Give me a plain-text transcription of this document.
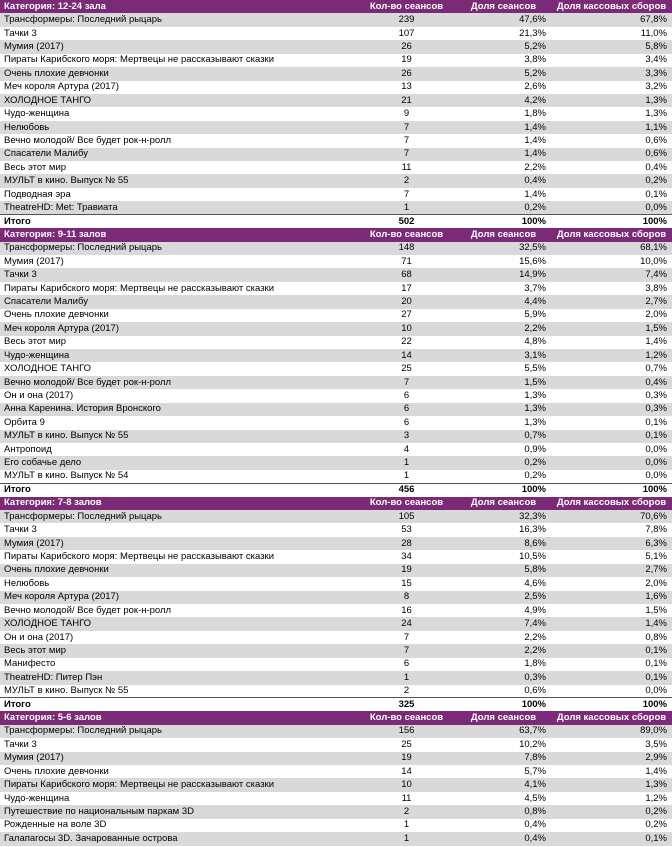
Категория: 12-24 зала	Кол-во сеансов	Доля сеансов	Доля кассовых сборов
Трансформеры: Последний рыцарь	239	47,6%	67,8%
Тачки 3	107	21,3%	11,0%
Мумия (2017)	26	5,2%	5,8%
Пираты Карибского моря: Мертвецы не рассказывают сказки	19	3,8%	3,4%
Очень плохие девчонки	26	5,2%	3,3%
Меч короля Артура (2017)	13	2,6%	3,2%
ХОЛОДНОЕ ТАНГО	21	4,2%	1,3%
Чудо-женщина	9	1,8%	1,3%
Нелюбовь	7	1,4%	1,1%
Вечно молодой/ Все будет рок-н-ролл	7	1,4%	0,6%
Спасатели Малибу	7	1,4%	0,6%
Весь этот мир	11	2,2%	0,4%
МУЛЬТ в кино. Выпуск № 55	2	0,4%	0,2%
Подводная эра	7	1,4%	0,1%
TheatreHD: Met: Травиата	1	0,2%	0,0%
Итого	502	100%	100%
Категория: 9-11 залов	Кол-во сеансов	Доля сеансов	Доля кассовых сборов
Трансформеры: Последний рыцарь	148	32,5%	68,1%
Мумия (2017)	71	15,6%	10,0%
Тачки 3	68	14,9%	7,4%
Пираты Карибского моря: Мертвецы не рассказывают сказки	17	3,7%	3,8%
Спасатели Малибу	20	4,4%	2,7%
Очень плохие девчонки	27	5,9%	2,0%
Меч короля Артура (2017)	10	2,2%	1,5%
Весь этот мир	22	4,8%	1,4%
Чудо-женщина	14	3,1%	1,2%
ХОЛОДНОЕ ТАНГО	25	5,5%	0,7%
Вечно молодой/ Все будет рок-н-ролл	7	1,5%	0,4%
Он и она (2017)	6	1,3%	0,3%
Анна Каренина. История Вронского	6	1,3%	0,3%
Орбита 9	6	1,3%	0,1%
МУЛЬТ в кино. Выпуск № 55	3	0,7%	0,1%
Антропоид	4	0,9%	0,0%
Его собачье дело	1	0,2%	0,0%
МУЛЬТ в кино. Выпуск № 54	1	0,2%	0,0%
Итого	456	100%	100%
Категория: 7-8 залов	Кол-во сеансов	Доля сеансов	Доля кассовых сборов
Трансформеры: Последний рыцарь	105	32,3%	70,6%
Тачки 3	53	16,3%	7,8%
Мумия (2017)	28	8,6%	6,3%
Пираты Карибского моря: Мертвецы не рассказывают сказки	34	10,5%	5,1%
Очень плохие девчонки	19	5,8%	2,7%
Нелюбовь	15	4,6%	2,0%
Меч короля Артура (2017)	8	2,5%	1,6%
Вечно молодой/ Все будет рок-н-ролл	16	4,9%	1,5%
ХОЛОДНОЕ ТАНГО	24	7,4%	1,4%
Он и она (2017)	7	2,2%	0,8%
Весь этот мир	7	2,2%	0,1%
Манифесто	6	1,8%	0,1%
TheatreHD: Питер Пэн	1	0,3%	0,1%
МУЛЬТ в кино. Выпуск № 55	2	0,6%	0,0%
Итого	325	100%	100%
Категория: 5-6 залов	Кол-во сеансов	Доля сеансов	Доля кассовых сборов
Трансформеры: Последний рыцарь	156	63,7%	89,0%
Тачки 3	25	10,2%	3,5%
Мумия (2017)	19	7,8%	2,9%
Очень плохие девчонки	14	5,7%	1,4%
Пираты Карибского моря: Мертвецы не рассказывают сказки	10	4,1%	1,3%
Чудо-женщина	11	4,5%	1,2%
Путешествие по национальным паркам 3D	2	0,8%	0,2%
Рожденные на воле 3D	1	0,4%	0,2%
Галапагосы 3D. Зачарованные острова	1	0,4%	0,1%
